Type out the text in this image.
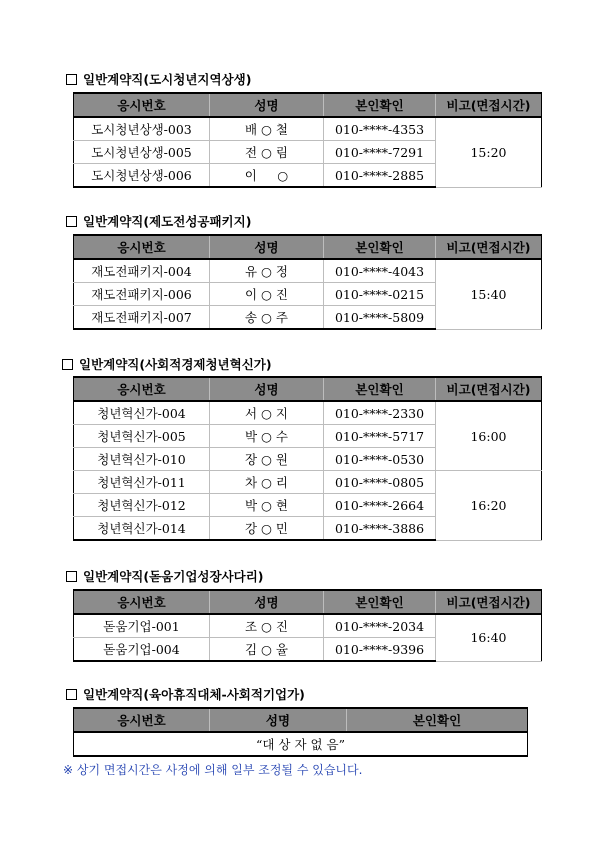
일반계약직(도시청년지역상생)
응시번호	성명	본인확인	비고(면접시간)
도시청년상생-003	배 ○ 철	010-****-4353	15:20
도시청년상생-005	전 ○ 림	010-****-7291	
도시청년상생-006	이 　 ○	010-****-2885	
일반계약직(제도전성공패키지)
응시번호	성명	본인확인	비고(면접시간)
재도전패키지-004	유 ○ 정	010-****-4043	15:40
재도전패키지-006	이 ○ 진	010-****-0215	
재도전패키지-007	송 ○ 주	010-****-5809	
일반계약직(사회적경제청년혁신가)
응시번호	성명	본인확인	비고(면접시간)
청년혁신가-004	서 ○ 지	010-****-2330	16:00
청년혁신가-005	박 ○ 수	010-****-5717	
청년혁신가-010	장 ○ 원	010-****-0530	
청년혁신가-011	차 ○ 리	010-****-0805	16:20
청년혁신가-012	박 ○ 현	010-****-2664	
청년혁신가-014	강 ○ 민	010-****-3886	
일반계약직(돋움기업성장사다리)
응시번호	성명	본인확인	비고(면접시간)
돋움기업-001	조 ○ 진	010-****-2034	16:40
돋움기업-004	김 ○ 율	010-****-9396	
일반계약직(육아휴직대체-사회적기업가)
응시번호	성명	본인확인
“대 상 자 없 음”
※ 상기 면접시간은 사정에 의해 일부 조정될 수 있습니다.
